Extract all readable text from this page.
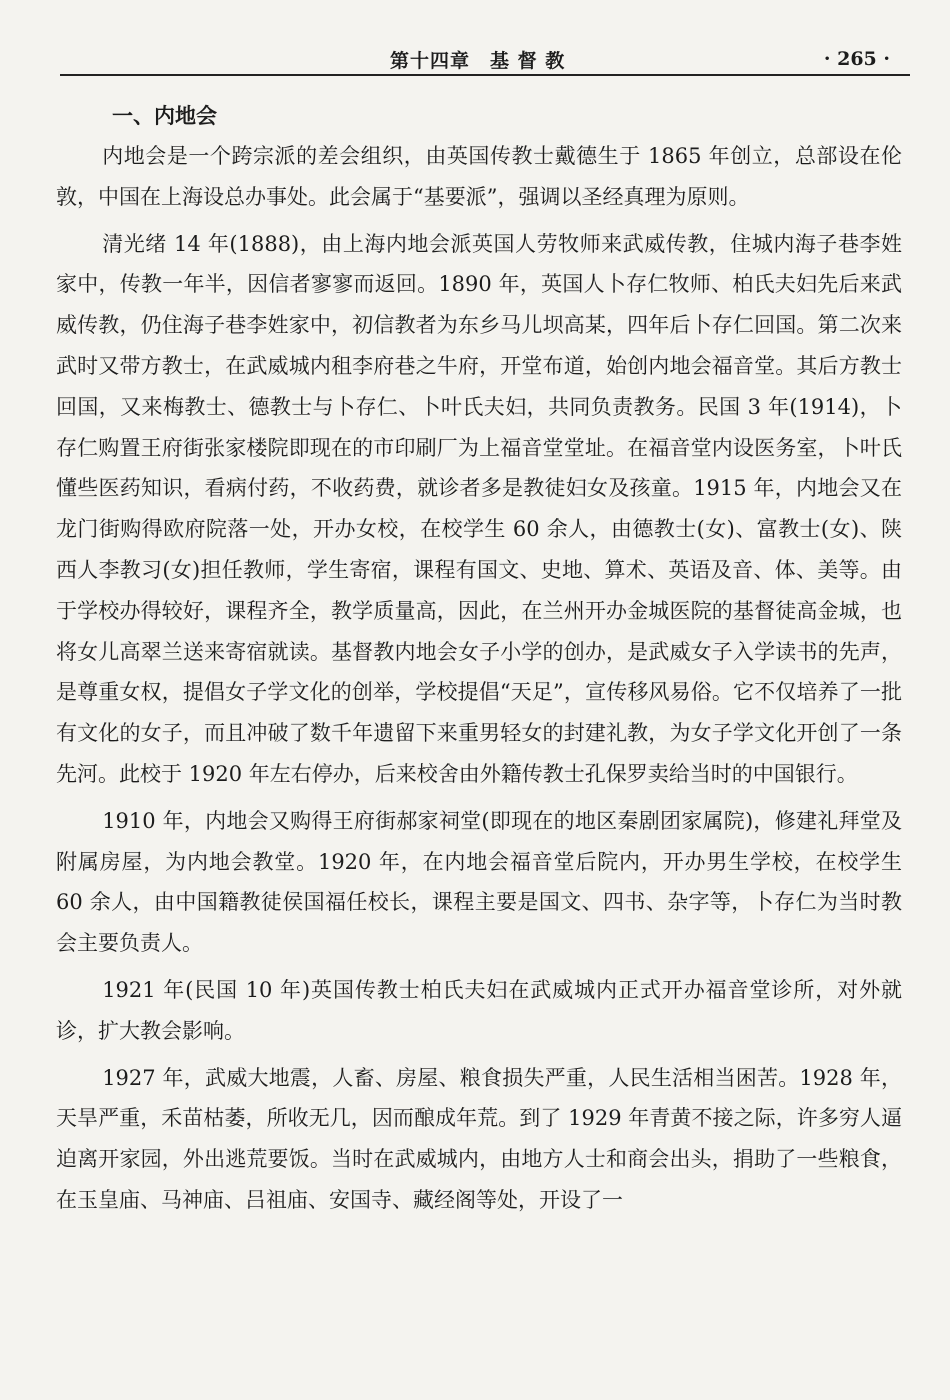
第十四章　基 督 教	· 265 ·
一、内地会

内地会是一个跨宗派的差会组织，由英国传教士戴德生于 1865 年创立，总部设在伦敦，中国在上海设总办事处。此会属于“基要派”，强调以圣经真理为原则。

清光绪 14 年(1888)，由上海内地会派英国人劳牧师来武威传教，住城内海子巷李姓家中，传教一年半，因信者寥寥而返回。1890 年，英国人卜存仁牧师、柏氏夫妇先后来武威传教，仍住海子巷李姓家中，初信教者为东乡马儿坝高某，四年后卜存仁回国。第二次来武时又带方教士，在武威城内租李府巷之牛府，开堂布道，始创内地会福音堂。其后方教士回国，又来梅教士、德教士与卜存仁、卜叶氏夫妇，共同负责教务。民国 3 年(1914)，卜存仁购置王府街张家楼院即现在的市印刷厂为上福音堂堂址。在福音堂内设医务室，卜叶氏懂些医药知识，看病付药，不收药费，就诊者多是教徒妇女及孩童。1915 年，内地会又在龙门街购得欧府院落一处，开办女校，在校学生 60 余人，由德教士(女)、富教士(女)、陕西人李教习(女)担任教师，学生寄宿，课程有国文、史地、算术、英语及音、体、美等。由于学校办得较好，课程齐全，教学质量高，因此，在兰州开办金城医院的基督徒高金城，也将女儿高翠兰送来寄宿就读。基督教内地会女子小学的创办，是武威女子入学读书的先声，是尊重女权，提倡女子学文化的创举，学校提倡“天足”，宣传移风易俗。它不仅培养了一批有文化的女子，而且冲破了数千年遗留下来重男轻女的封建礼教，为女子学文化开创了一条先河。此校于 1920 年左右停办，后来校舍由外籍传教士孔保罗卖给当时的中国银行。

1910 年，内地会又购得王府街郝家祠堂(即现在的地区秦剧团家属院)，修建礼拜堂及附属房屋，为内地会教堂。1920 年，在内地会福音堂后院内，开办男生学校，在校学生 60 余人，由中国籍教徒侯国福任校长，课程主要是国文、四书、杂字等，卜存仁为当时教会主要负责人。

1921 年(民国 10 年)英国传教士柏氏夫妇在武威城内正式开办福音堂诊所，对外就诊，扩大教会影响。

1927 年，武威大地震，人畜、房屋、粮食损失严重，人民生活相当困苦。1928 年，天旱严重，禾苗枯萎，所收无几，因而酿成年荒。到了 1929 年青黄不接之际，许多穷人逼迫离开家园，外出逃荒要饭。当时在武威城内，由地方人士和商会出头，捐助了一些粮食，在玉皇庙、马神庙、吕祖庙、安国寺、藏经阁等处，开设了一
